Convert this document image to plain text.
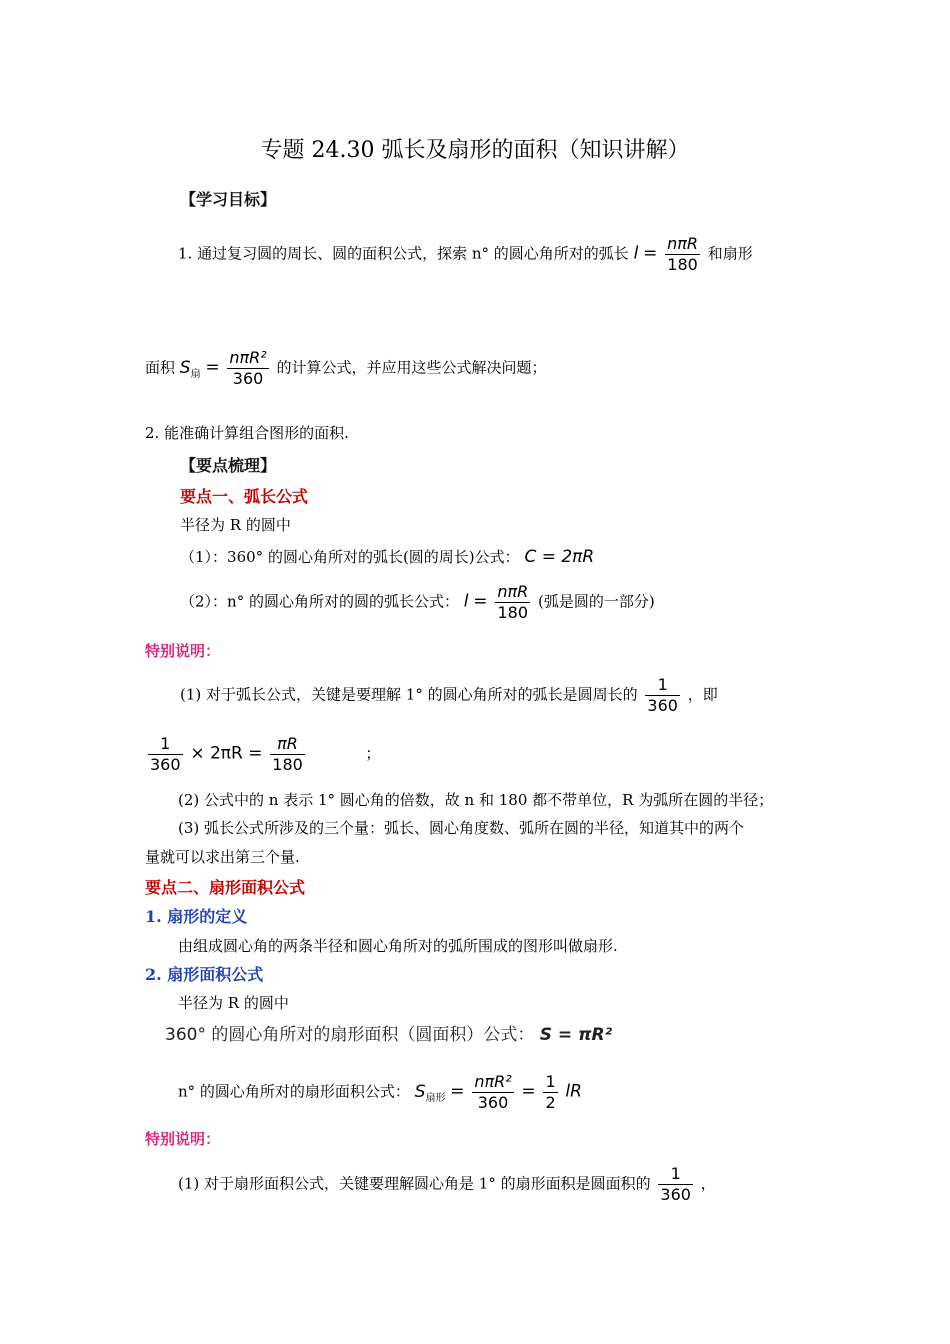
专题 24.30 弧长及扇形的面积（知识讲解）
【学习目标】
1. 通过复习圆的周长、圆的面积公式，探索 n° 的圆心角所对的弧长 $l = \frac{\text{nπR}}{180}$ 和扇形
面积 $S_扇 = \frac{\text{nπR²}}{360}$ 的计算公式，并应用这些公式解决问题；
2. 能准确计算组合图形的面积.
【要点梳理】
要点一、弧长公式
半径为 R 的圆中
（1）：360° 的圆心角所对的弧长(圆的周长)公式： C = 2πR
（2）：n° 的圆心角所对的圆的弧长公式： $l = \frac{\text{nπR}}{180}$ (弧是圆的一部分)
特别说明：
(1) 对于弧长公式，关键是要理解 1° 的圆心角所对的弧长是圆周长的 $\frac{1}{360}$ ，即
$\frac{1}{360} \times 2\pi R = \frac{\pi R}{180}$	；
(2) 公式中的 n 表示 1° 圆心角的倍数，故 n 和 180 都不带单位，R 为弧所在圆的半径；
(3) 弧长公式所涉及的三个量：弧长、圆心角度数、弧所在圆的半径，知道其中的两个
量就可以求出第三个量.
要点二、扇形面积公式
1. 扇形的定义
由组成圆心角的两条半径和圆心角所对的弧所围成的图形叫做扇形.
2. 扇形面积公式
半径为 R 的圆中
360° 的圆心角所对的扇形面积（圆面积）公式： S = πR²
n° 的圆心角所对的扇形面积公式： $S_{扇形} = \frac{\text{nπR²}}{360} = \frac{1}{2}$ lR
特别说明：
(1) 对于扇形面积公式，关键要理解圆心角是 1° 的扇形面积是圆面积的 $\frac{1}{360}$ ，
